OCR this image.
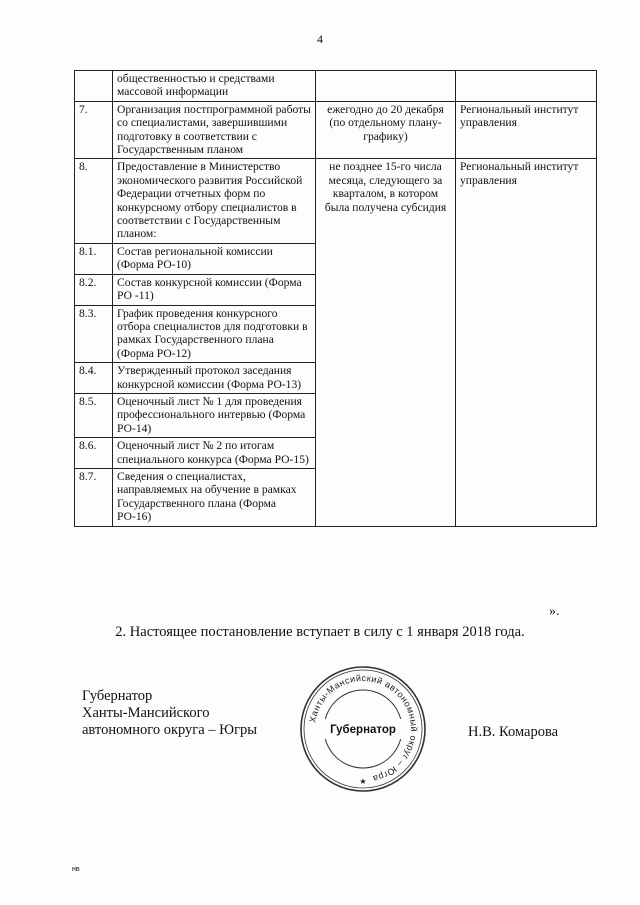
4
	общественностью и средствами массовой информации		
7.	Организация постпрограммной работы со специалистами, завершившими подготовку в соответствии с Государственным планом	ежегодно до 20 декабря (по отдельному плану-графику)	Региональный институт управления
8.	Предоставление в Министерство экономического развития Российской Федерации отчетных форм по конкурсному отбору специалистов в соответствии с Государственным планом:	не позднее 15-го числа месяца, следующего за кварталом, в котором была получена субсидия	Региональный институт управления
8.1.	Состав региональной комиссии (Форма РО-10)		
8.2.	Состав конкурсной комиссии (Форма РО -11)		
8.3.	График проведения конкурсного отбора специалистов для подготовки в рамках Государственного плана (Форма РО-12)		
8.4.	Утвержденный протокол заседания конкурсной комиссии (Форма РО-13)		
8.5.	Оценочный лист № 1 для проведения профессионального интервью (Форма РО-14)		
8.6.	Оценочный лист № 2 по итогам специального конкурса (Форма РО-15)		
8.7.	Сведения о специалистах, направляемых на обучение в рамках Государственного плана (Форма РО-16)		
».
2. Настоящее постановление вступает в силу с 1 января 2018 года.
Губернатор
Ханты-Мансийского
автономного округа – Югры	Н.В. Комарова
Ханты-Мансийский автономный округ – Югра
Губернатор
★
нв
